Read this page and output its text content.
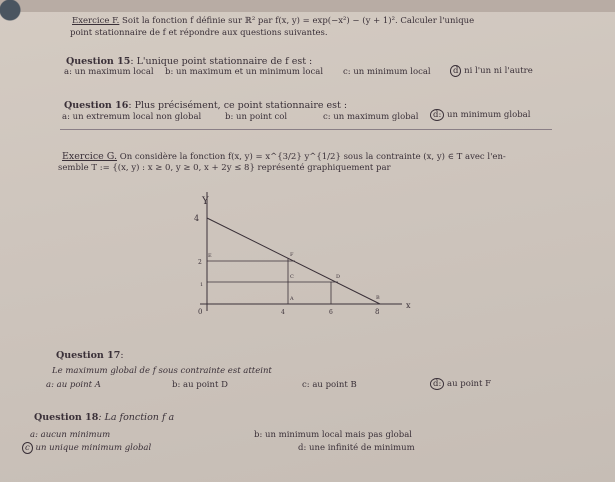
Exercice F. Soit la fonction f définie sur ℝ² par f(x, y) = exp(−x²) − (y + 1)². Calculer l'unique
point stationnaire de f et répondre aux questions suivantes.
Question 15: L'unique point stationnaire de f est :
a: un maximum local b: un maximum et un minimum local c: un minimum local	d ni l'un ni l'autre
Question 16: Plus précisément, ce point stationnaire est :
a: un extremum local non global	b: un point col	c: un maximum global	d: un minimum global
Exercice G. On considère la fonction f(x, y) = x^{3/2} y^{1/2} sous la contrainte (x, y) ∈ T avec l'en-
semble T := {(x, y) : x ≥ 0, y ≥ 0, x + 2y ≤ 8} représenté graphiquement par
Y
x
4
2
1
0	4	6	8
E	F
C	D
B
A
Question 17:
Le maximum global de f sous contrainte est atteint
a: au point A	b: au point D	c: au point B	d: au point F
Question 18: La fonction f a
a: aucun minimum	b: un minimum local mais pas global
c un unique minimum global	d: une infinité de minimum
